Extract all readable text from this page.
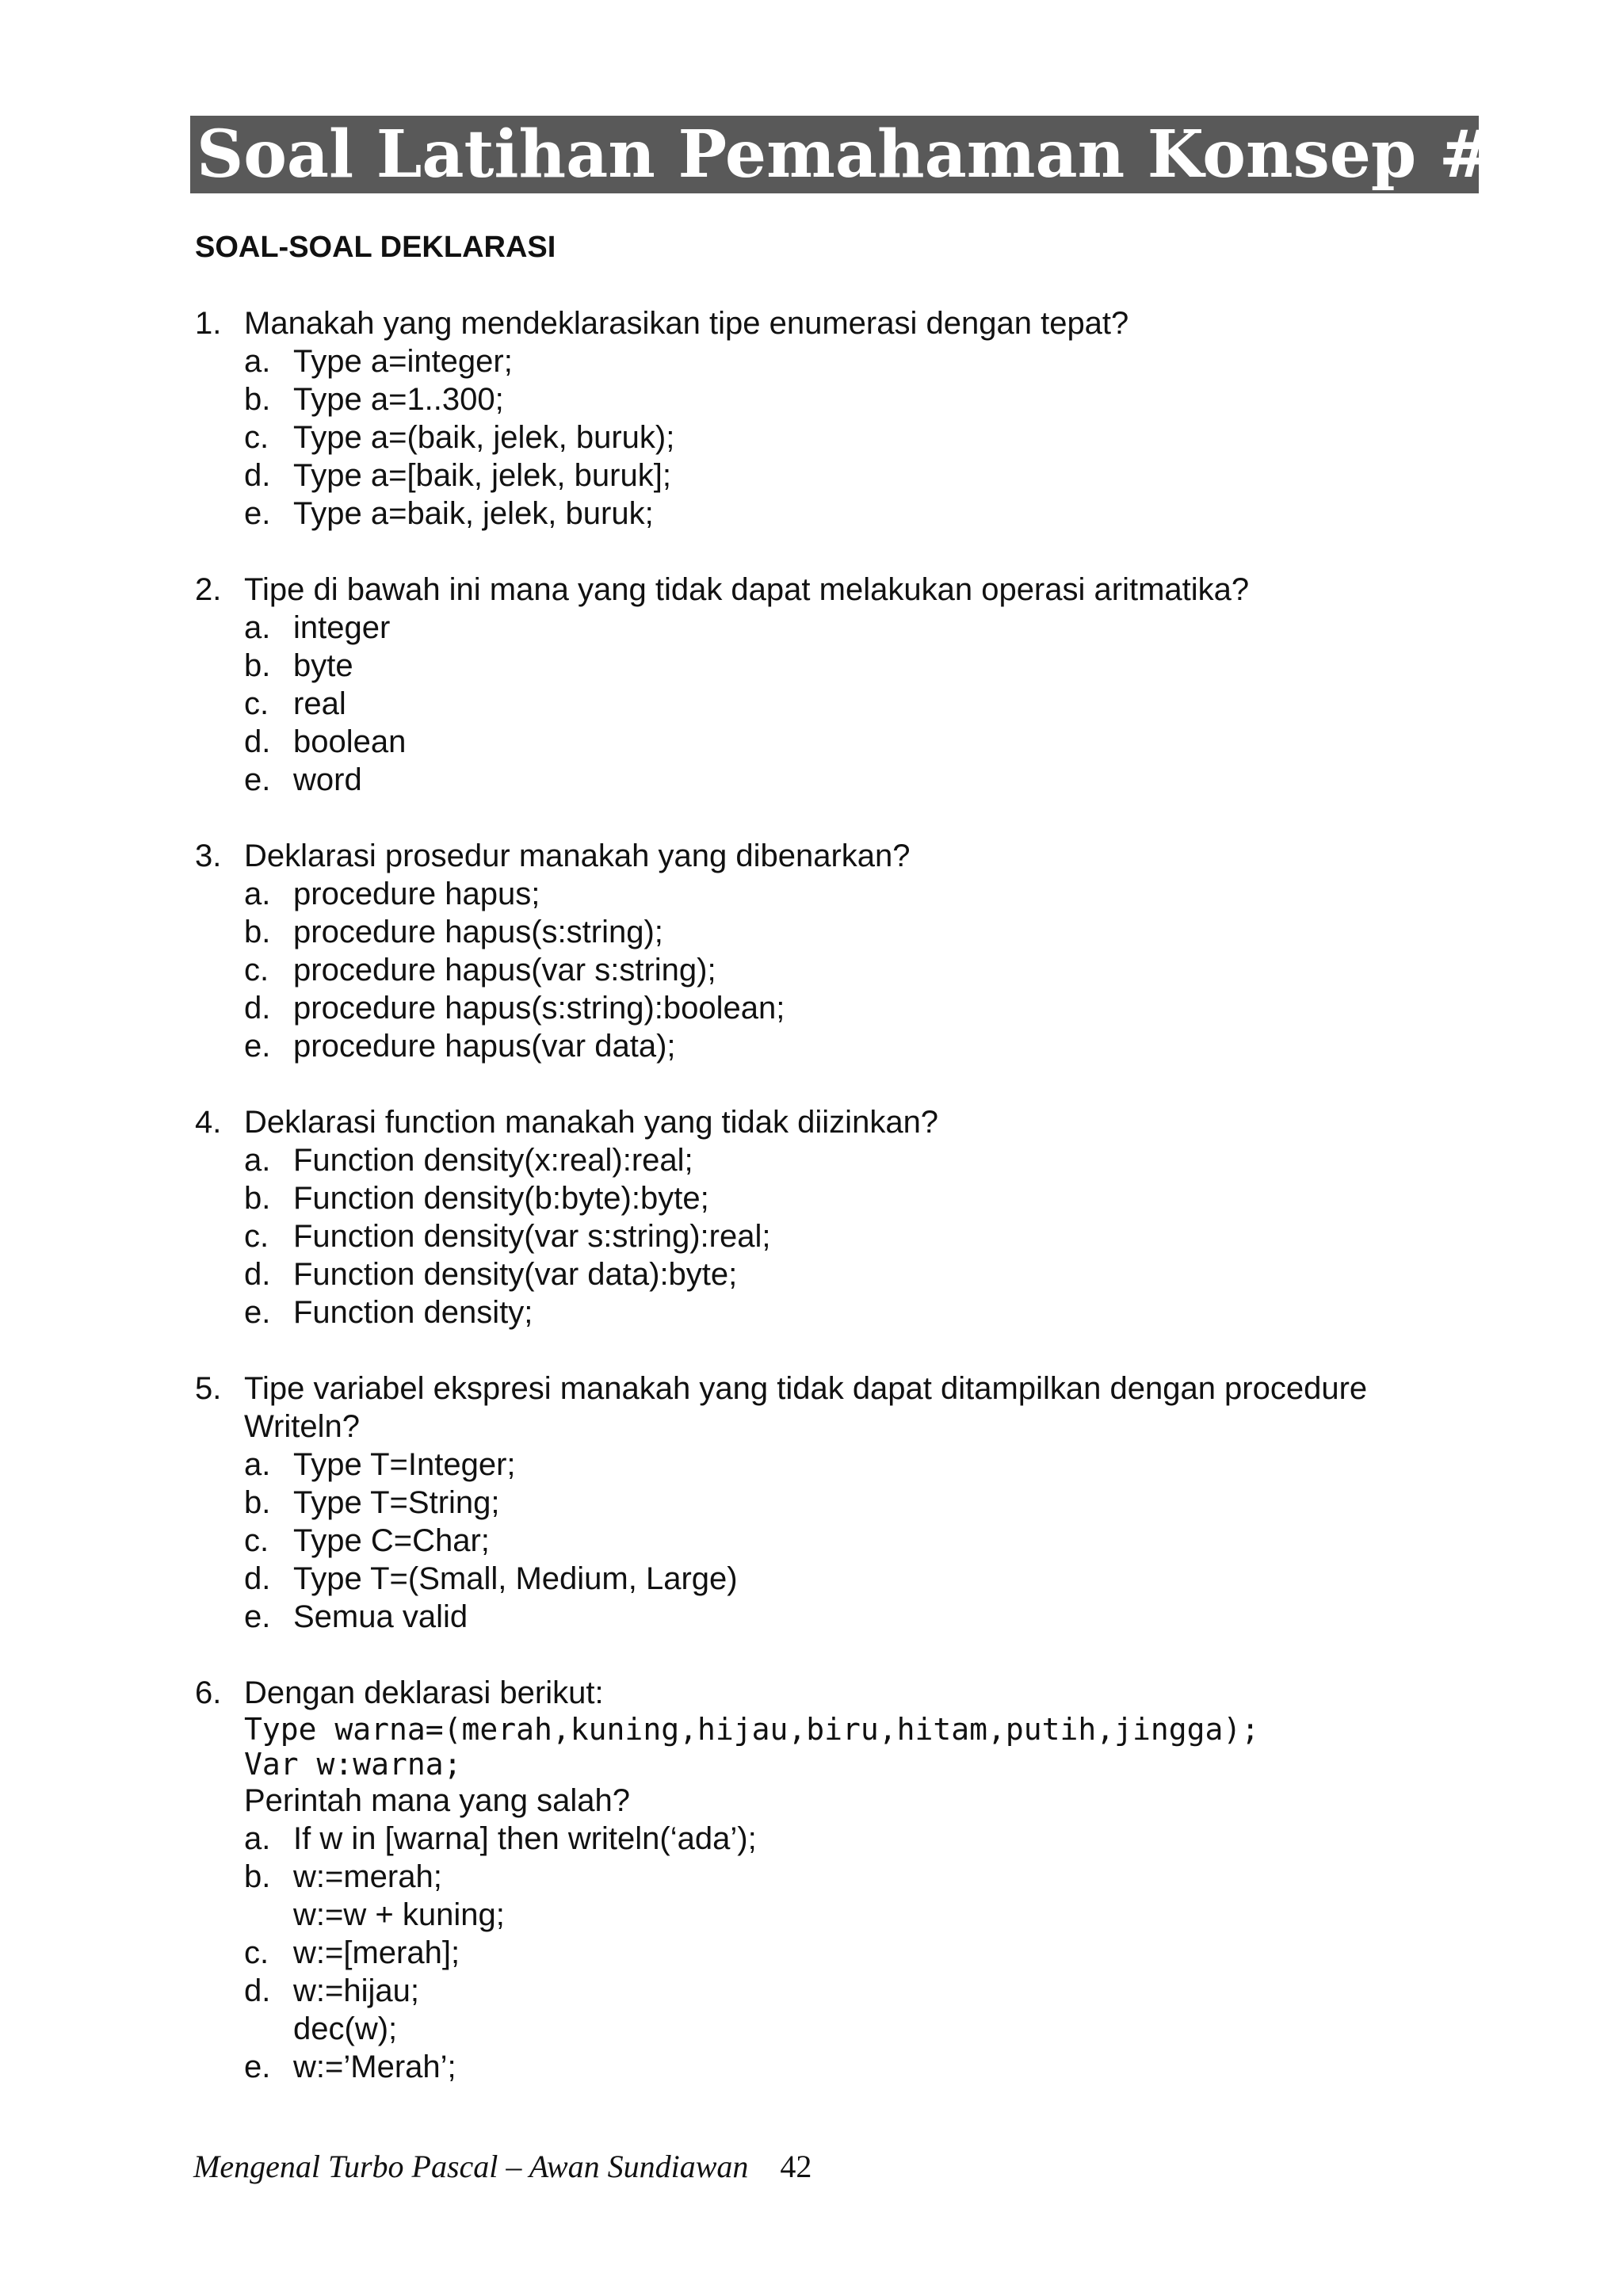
Soal Latihan Pemahaman Konsep #1
SOAL-SOAL DEKLARASI
1. Manakah yang mendeklarasikan tipe enumerasi dengan tepat?
a. Type a=integer;
b. Type a=1..300;
c. Type a=(baik, jelek, buruk);
d. Type a=[baik, jelek, buruk];
e. Type a=baik, jelek, buruk;
2. Tipe di bawah ini mana yang tidak dapat melakukan operasi aritmatika?
a. integer
b. byte
c. real
d. boolean
e. word
3. Deklarasi prosedur manakah yang dibenarkan?
a. procedure hapus;
b. procedure hapus(s:string);
c. procedure hapus(var s:string);
d. procedure hapus(s:string):boolean;
e. procedure hapus(var data);
4. Deklarasi function manakah yang tidak diizinkan?
a. Function density(x:real):real;
b. Function density(b:byte):byte;
c. Function density(var s:string):real;
d. Function density(var data):byte;
e. Function density;
5. Tipe variabel ekspresi manakah yang tidak dapat ditampilkan dengan procedure
Writeln?
a. Type T=Integer;
b. Type T=String;
c. Type C=Char;
d. Type T=(Small, Medium, Large)
e. Semua valid
6. Dengan deklarasi berikut:
Type warna=(merah,kuning,hijau,biru,hitam,putih,jingga);
Var w:warna;
Perintah mana yang salah?
a. If w in [warna] then writeln(‘ada’);
b. w:=merah;
w:=w + kuning;
c. w:=[merah];
d. w:=hijau;
dec(w);
e. w:=’Merah’;
Mengenal Turbo Pascal – Awan Sundiawan 42
